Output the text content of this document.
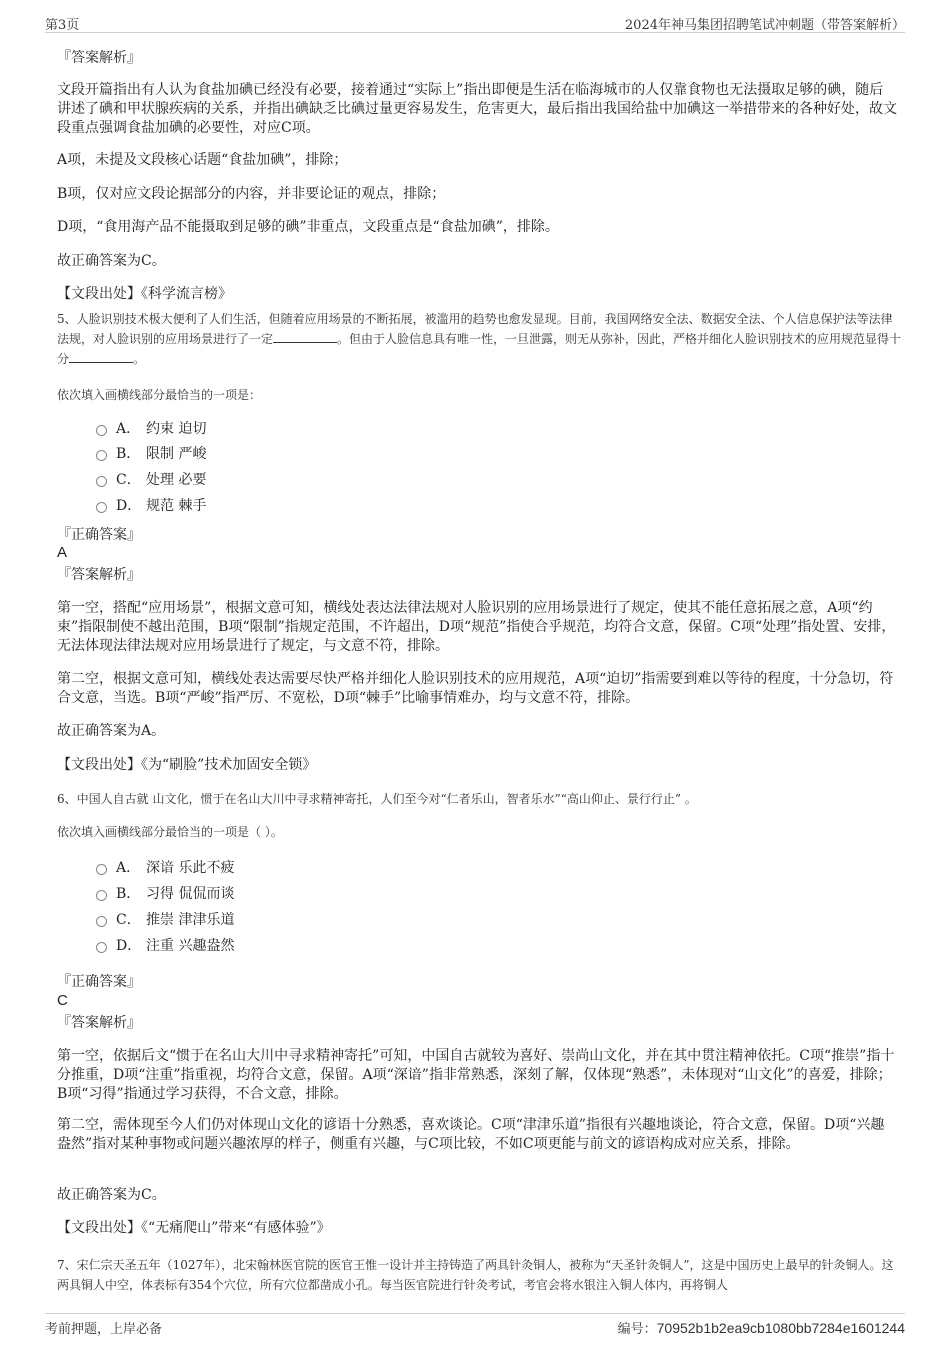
第3页	2024年神马集团招聘笔试冲刺题（带答案解析）
『答案解析』
文段开篇指出有人认为食盐加碘已经没有必要，接着通过“实际上”指出即便是生活在临海城市的人仅靠食物也无法摄取足够的碘，随后讲述了碘和甲状腺疾病的关系，并指出碘缺乏比碘过量更容易发生，危害更大，最后指出我国给盐中加碘这一举措带来的各种好处，故文段重点强调食盐加碘的必要性，对应C项。
A项，未提及文段核心话题“食盐加碘”，排除；
B项，仅对应文段论据部分的内容，并非要论证的观点，排除；
D项，“食用海产品不能摄取到足够的碘”非重点，文段重点是“食盐加碘”，排除。
故正确答案为C。
【文段出处】《科学流言榜》
5、人脸识别技术极大便利了人们生活，但随着应用场景的不断拓展，被滥用的趋势也愈发显现。目前，我国网络安全法、数据安全法、个人信息保护法等法律法规，对人脸识别的应用场景进行了一定	。但由于人脸信息具有唯一性，一旦泄露，则无从弥补，因此，严格并细化人脸识别技术的应用规范显得十分	。
依次填入画横线部分最恰当的一项是：
A． 约束 迫切
B． 限制 严峻
C． 处理 必要
D． 规范 棘手
『正确答案』
A
『答案解析』
第一空，搭配“应用场景”，根据文意可知，横线处表达法律法规对人脸识别的应用场景进行了规定，使其不能任意拓展之意，A项“约束”指限制使不越出范围，B项“限制”指规定范围，不许超出，D项“规范”指使合乎规范，均符合文意，保留。C项“处理”指处置、安排，无法体现法律法规对应用场景进行了规定，与文意不符，排除。
第二空，根据文意可知，横线处表达需要尽快严格并细化人脸识别技术的应用规范，A项“迫切”指需要到难以等待的程度，十分急切，符合文意，当选。B项“严峻”指严厉、不宽松，D项“棘手”比喻事情难办，均与文意不符，排除。
故正确答案为A。
【文段出处】《为“刷脸”技术加固安全锁》
6、中国人自古就 山文化，惯于在名山大川中寻求精神寄托，人们至今对“仁者乐山，智者乐水”“高山仰止、景行行止” 。
依次填入画横线部分最恰当的一项是（ ）。
A． 深谙 乐此不疲
B． 习得 侃侃而谈
C． 推崇 津津乐道
D． 注重 兴趣盎然
『正确答案』
C
『答案解析』
第一空，依据后文“惯于在名山大川中寻求精神寄托”可知，中国自古就较为喜好、崇尚山文化，并在其中贯注精神依托。C项“推崇”指十分推重，D项“注重”指重视，均符合文意，保留。A项“深谙”指非常熟悉，深刻了解，仅体现“熟悉”，未体现对“山文化”的喜爱，排除；B项“习得”指通过学习获得，不合文意，排除。
第二空，需体现至今人们仍对体现山文化的谚语十分熟悉，喜欢谈论。C项“津津乐道”指很有兴趣地谈论，符合文意，保留。D项“兴趣盎然”指对某种事物或问题兴趣浓厚的样子，侧重有兴趣，与C项比较，不如C项更能与前文的谚语构成对应关系，排除。
故正确答案为C。
【文段出处】《“无痛爬山”带来“有感体验”》
7、宋仁宗天圣五年（1027年），北宋翰林医官院的医官王惟一设计并主持铸造了两具针灸铜人，被称为“天圣针灸铜人”，这是中国历史上最早的针灸铜人。这两具铜人中空，体表标有354个穴位，所有穴位都凿成小孔。每当医官院进行针灸考试，考官会将水银注入铜人体内，再将铜人
考前押题，上岸必备	编号：70952b1b2ea9cb1080bb7284e1601244
